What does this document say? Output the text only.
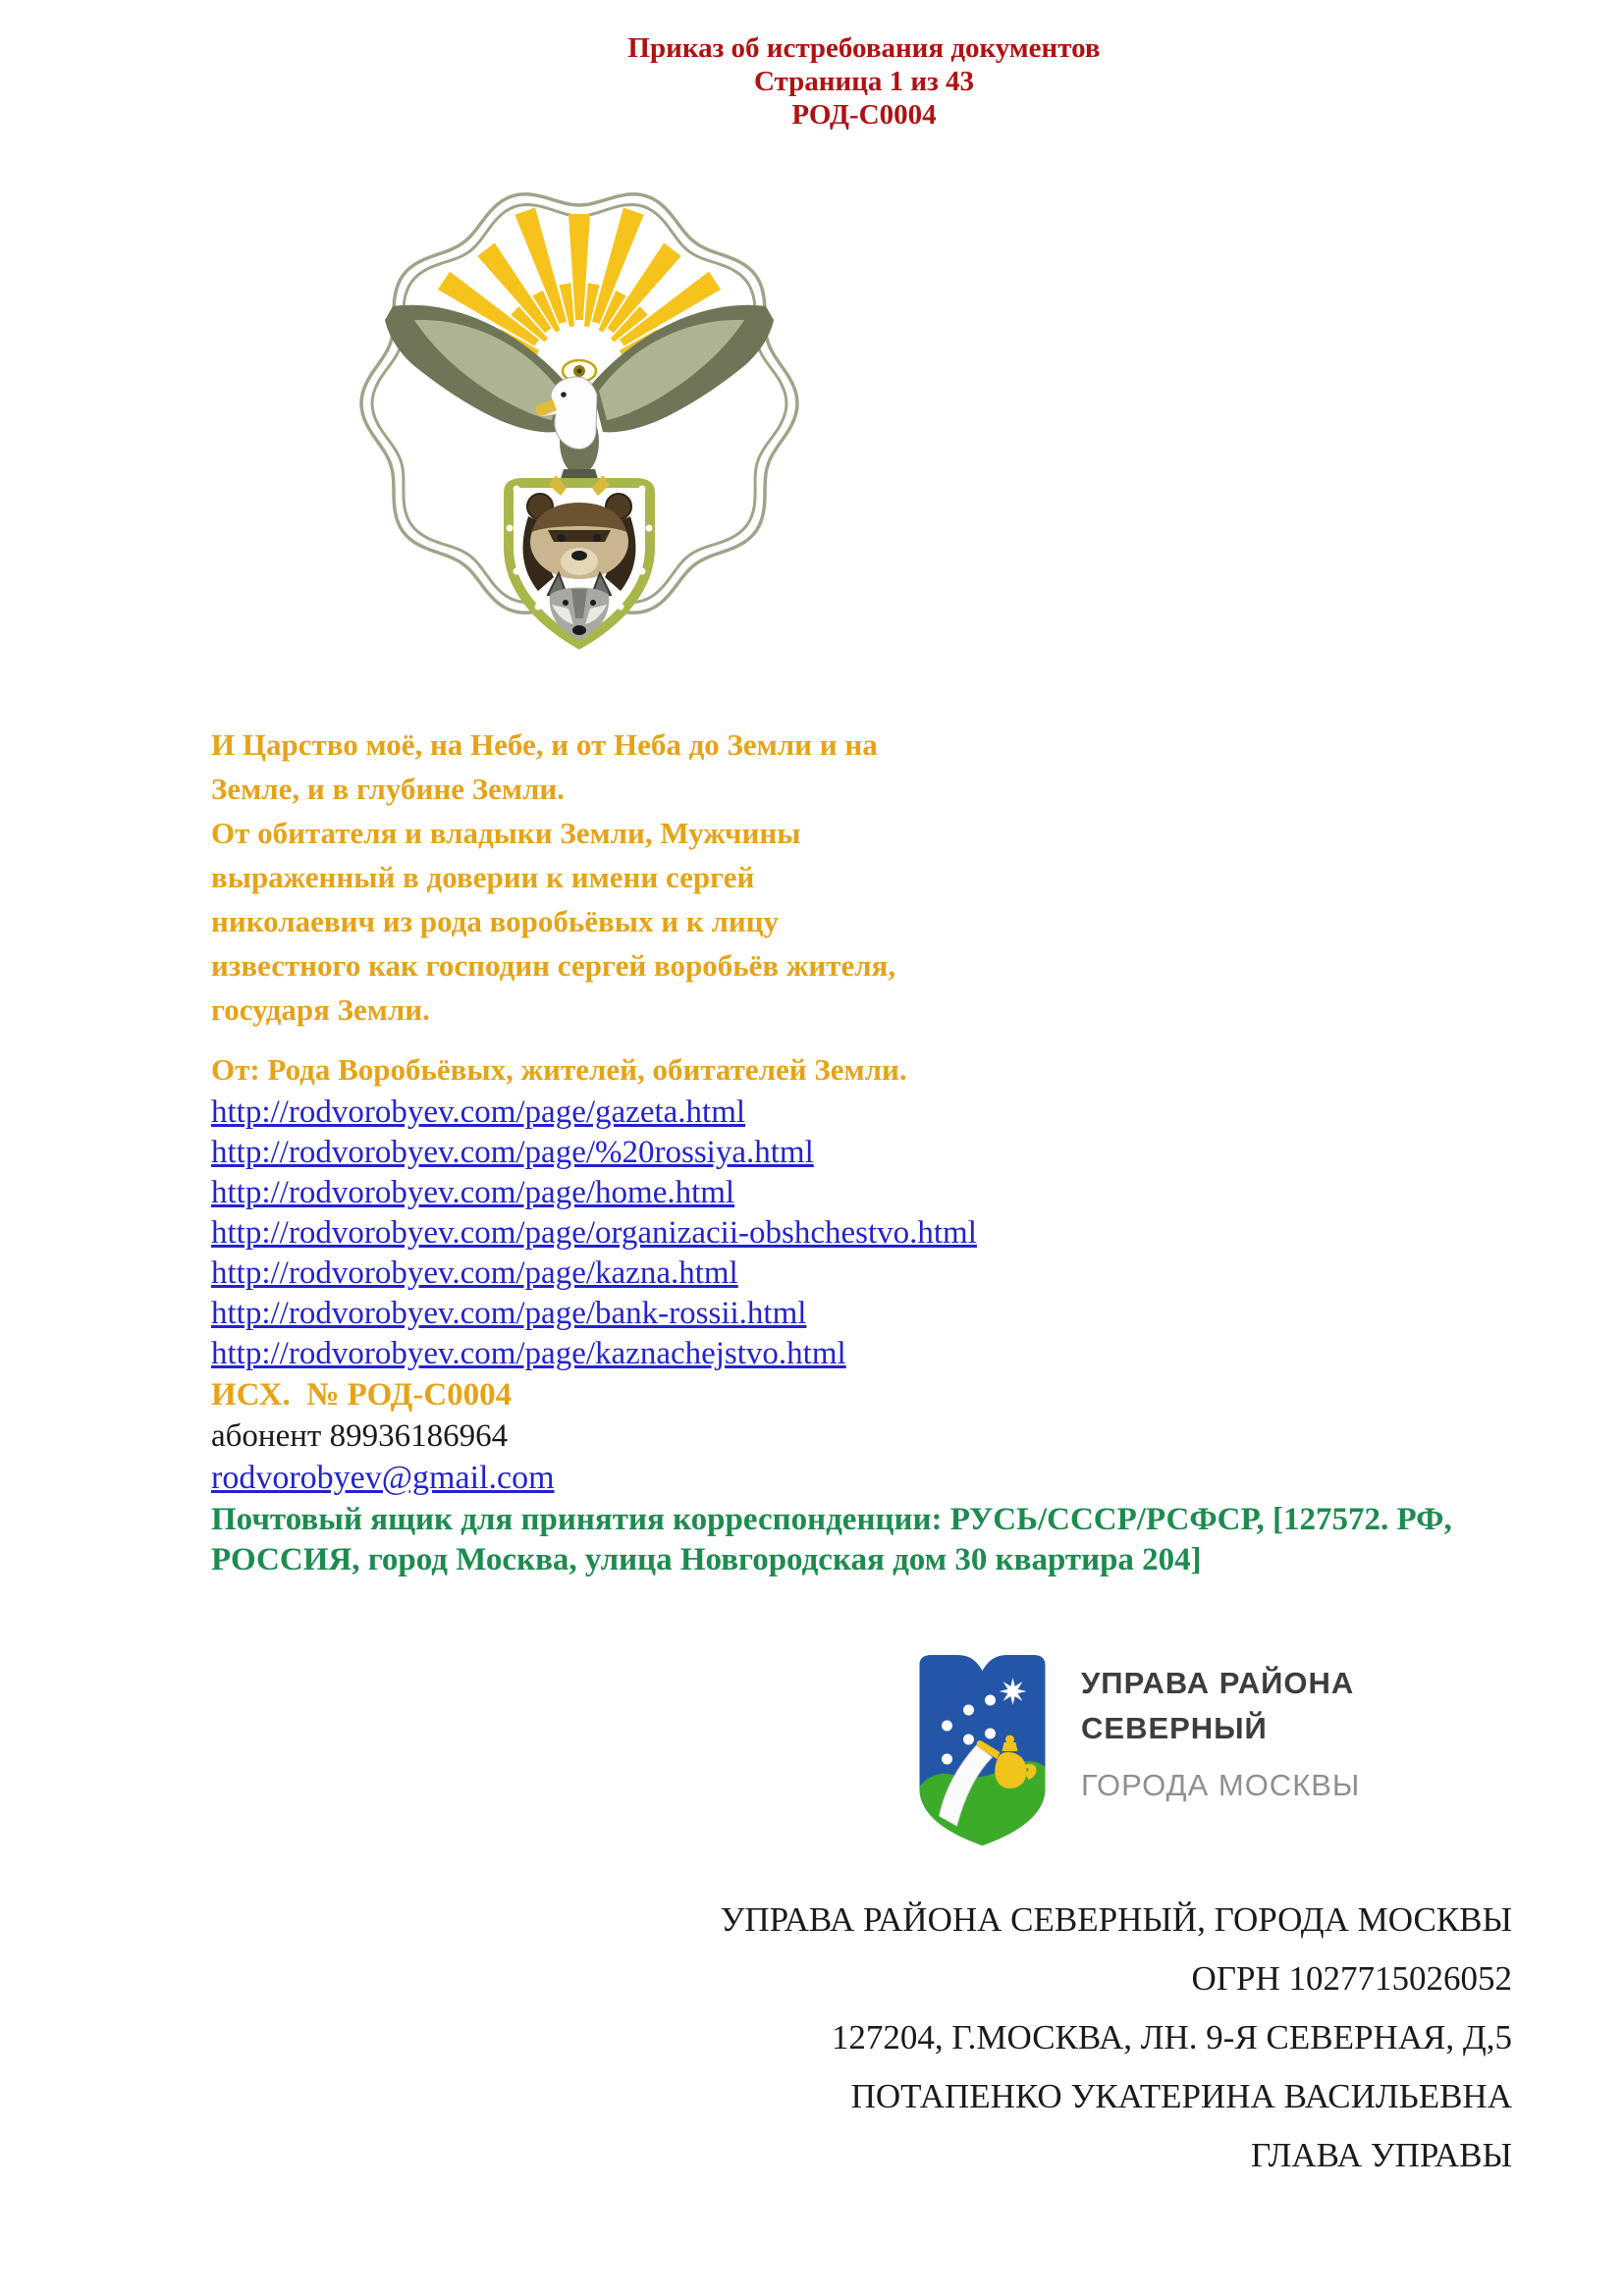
Приказ об истребования документов
Страница 1 из 43
РОД-С0004
И Царство моё, на Небе, и от Неба до Земли и на
Земле, и в глубине Земли.
От обитателя и владыки Земли, Мужчины
выраженный в доверии к имени сергей
николаевич из рода воробьёвых и к лицу
известного как господин сергей воробьёв жителя,
государя Земли.
От: Рода Воробьёвых, жителей, обитателей Земли.
http://rodvorobyev.com/page/gazeta.html
http://rodvorobyev.com/page/%20rossiya.html
http://rodvorobyev.com/page/home.html
http://rodvorobyev.com/page/organizacii-obshchestvo.html
http://rodvorobyev.com/page/kazna.html
http://rodvorobyev.com/page/bank-rossii.html
http://rodvorobyev.com/page/kaznachejstvo.html
ИСХ.  № РОД-С0004
абонент 89936186964
rodvorobyev@gmail.com
Почтовый ящик для принятия корреспонденции: РУСЬ/СССР/РСФСР, [127572. РФ,
РОССИЯ, город Москва, улица Новгородская дом 30 квартира 204]
УПРАВА РАЙОНА
СЕВЕРНЫЙ
ГОРОДА МОСКВЫ
УПРАВА РАЙОНА СЕВЕРНЫЙ, ГОРОДА МОСКВЫ
ОГРН 1027715026052
127204, Г.МОСКВА, ЛН. 9-Я СЕВЕРНАЯ, Д,5
ПОТАПЕНКО УКАТЕРИНА ВАСИЛЬЕВНА
ГЛАВА УПРАВЫ
